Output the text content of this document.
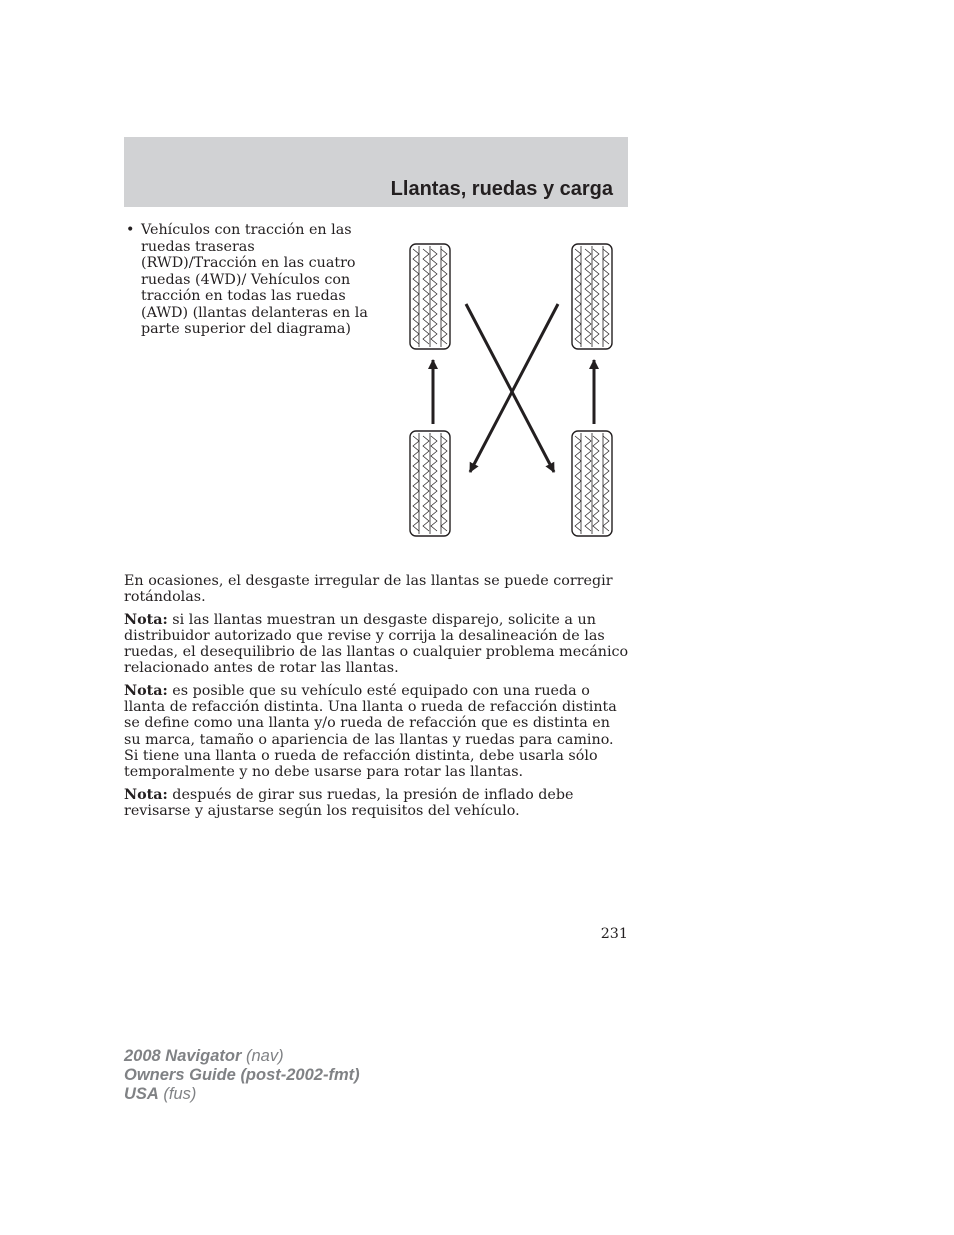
Llantas, ruedas y carga
• Vehículos con tracción en las ruedas traseras (RWD)/Tracción en las cuatro ruedas (4WD)/ Vehículos con tracción en todas las ruedas (AWD) (llantas delanteras en la parte superior del diagrama)

En ocasiones, el desgaste irregular de las llantas se puede corregir rotándolas.

Nota: si las llantas muestran un desgaste disparejo, solicite a un distribuidor autorizado que revise y corrija la desalineación de las ruedas, el desequilibrio de las llantas o cualquier problema mecánico relacionado antes de rotar las llantas.

Nota: es posible que su vehículo esté equipado con una rueda o llanta de refacción distinta. Una llanta o rueda de refacción distinta se define como una llanta y/o rueda de refacción que es distinta en su marca, tamaño o apariencia de las llantas y ruedas para camino. Si tiene una llanta o rueda de refacción distinta, debe usarla sólo temporalmente y no debe usarse para rotar las llantas.

Nota: después de girar sus ruedas, la presión de inflado debe revisarse y ajustarse según los requisitos del vehículo.

231
2008 Navigator (nav)
Owners Guide (post-2002-fmt)
USA (fus)
